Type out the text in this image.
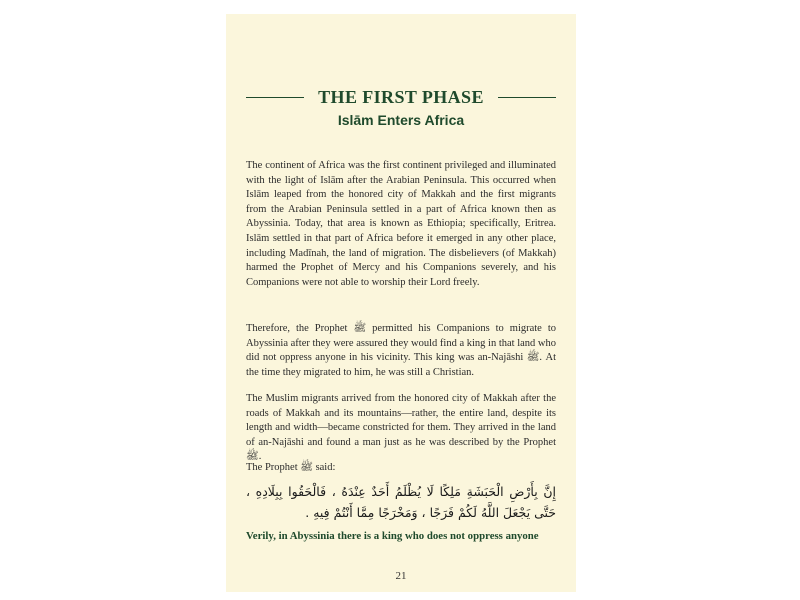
THE FIRST PHASE
Islām Enters Africa

The continent of Africa was the first continent privileged and illuminated with the light of Islām after the Arabian Peninsula. This occurred when Islām leaped from the honored city of Makkah and the first migrants from the Arabian Peninsula settled in a part of Africa known then as Abyssinia. Today, that area is known as Ethiopia; specifically, Eritrea. Islām settled in that part of Africa before it emerged in any other place, including Madīnah, the land of migration. The disbelievers (of Makkah) harmed the Prophet of Mercy and his Companions severely, and his Companions were not able to worship their Lord freely.

Therefore, the Prophet ﷺ permitted his Companions to migrate to Abyssinia after they were assured they would find a king in that land who did not oppress anyone in his vicinity. This king was an-Najāshi ﷺ. At the time they migrated to him, he was still a Christian.

The Muslim migrants arrived from the honored city of Makkah after the roads of Makkah and its mountains—rather, the entire land, despite its length and width—became constricted for them. They arrived in the land of an-Najāshi and found a man just as he was described by the Prophet ﷺ.

The Prophet ﷺ said:

إِنَّ بِأَرْضِ الْحَبَشَةِ مَلِكًا لَا يُظْلَمُ أَحَدٌ عِنْدَهُ ، فَالْحَقُوا بِبِلَادِهِ ، حَتَّى يَجْعَلَ اللَّهُ لَكُمْ فَرَجًا ، وَمَخْرَجًا مِمَّا أَنْتُمْ فِيهِ .

Verily, in Abyssinia there is a king who does not oppress anyone

21
